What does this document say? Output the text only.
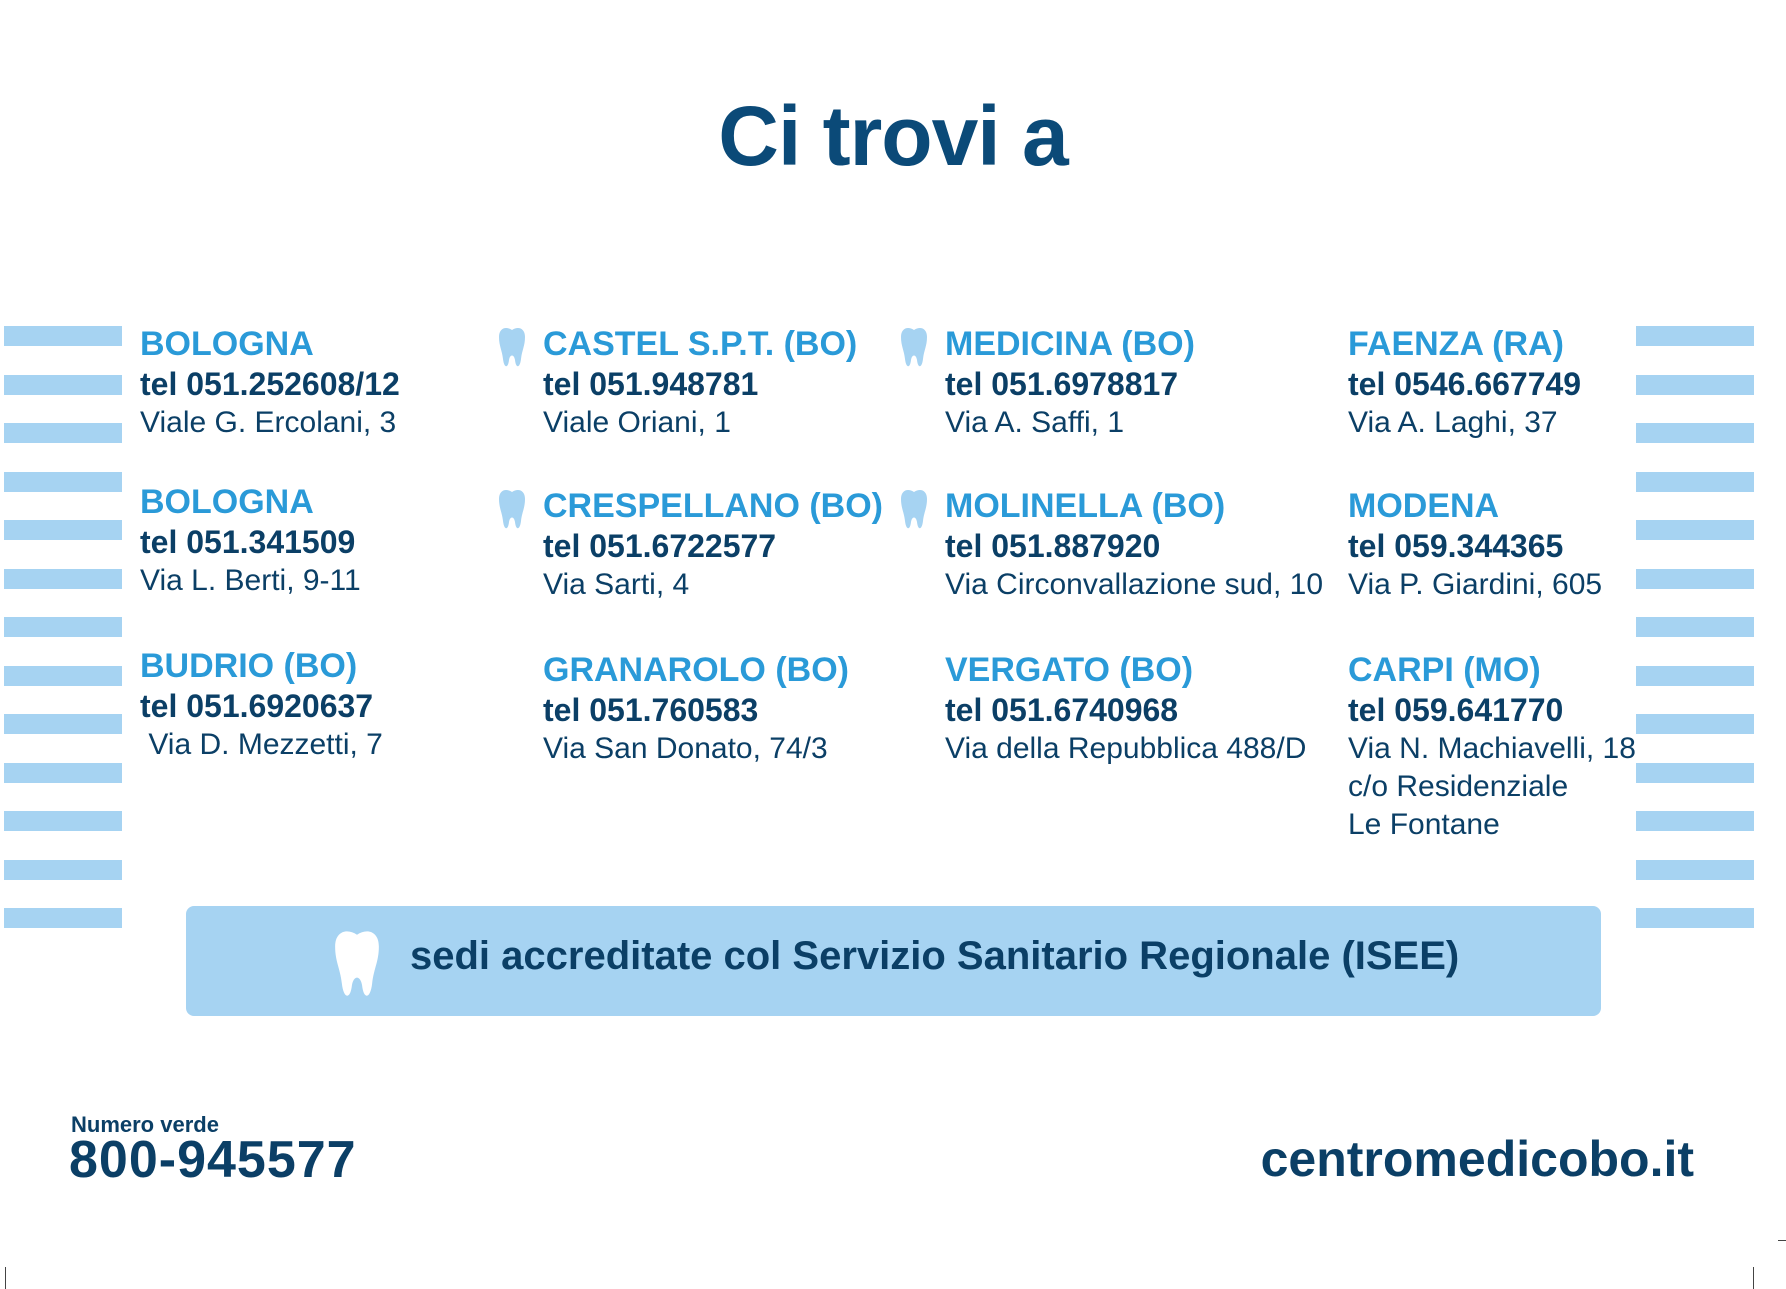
Ci trovi a
BOLOGNA
tel 051.252608/12
Viale G. Ercolani, 3
BOLOGNA
tel 051.341509
Via L. Berti, 9-11
BUDRIO (BO)
tel 051.6920637
Via D. Mezzetti, 7
CASTEL S.P.T. (BO)
tel 051.948781
Viale Oriani, 1
CRESPELLANO (BO)
tel 051.6722577
Via Sarti, 4
GRANAROLO (BO)
tel 051.760583
Via San Donato, 74/3
MEDICINA (BO)
tel 051.6978817
Via A. Saffi, 1
MOLINELLA (BO)
tel 051.887920
Via Circonvallazione sud, 10
VERGATO (BO)
tel 051.6740968
Via della Repubblica 488/D
FAENZA (RA)
tel 0546.667749
Via A. Laghi, 37
MODENA
tel 059.344365
Via P. Giardini, 605
CARPI (MO)
tel 059.641770
Via N. Machiavelli, 18
c/o Residenziale
Le Fontane
sedi accreditate col Servizio Sanitario Regionale (ISEE)
Numero verde
800-945577	centromedicobo.it
